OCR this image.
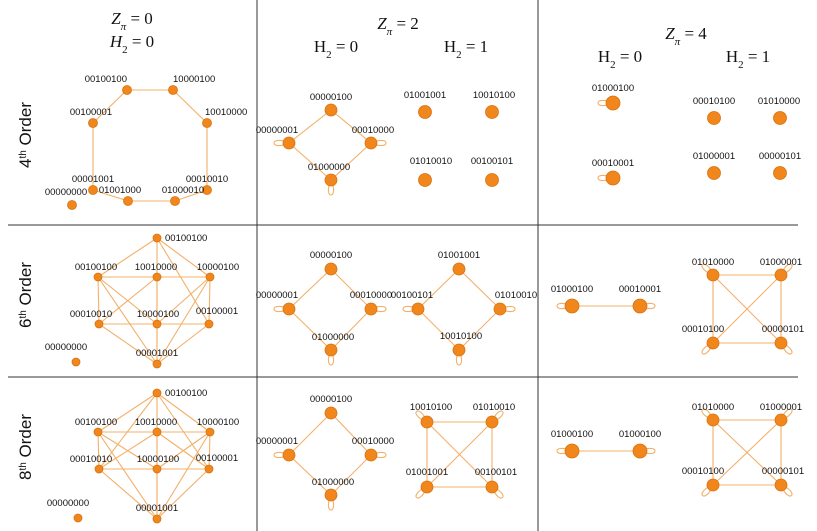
$Z_\pi = 0$
$H_2 = 0$
$Z_\pi = 2$
$Z_\pi = 4$
$H_2 = 0$	$H_2 = 1$
$H_2 = 0$	$H_2 = 1$
4th Order
6th Order
8th Order
00100100	10000100
00100001	10010000
00001001	00010010
01001000 01000010
00000000
00000100
00000001	00010000
01000000
01001001	10010100
01010010 00100101
01000100
00010001
00010100 01010000
01000001 00000101
00100100
00100100 10010000 10000100
00010010	10000100 00100001
00000000
00001001
00000100
00000001	00010000
01000000
01001001
00100101	01010010
10010100
01000100	00010001
01010000	01000001
00010100	00000101
00100100
00100100 10010000 10000100
00010010	10000100 00100001
00000000	00001001
00000100
00000001	00010000
01000000
10010100 01010010
01001001	00100101
01000100	01000100
01010000	01000001
00010100	00000101
